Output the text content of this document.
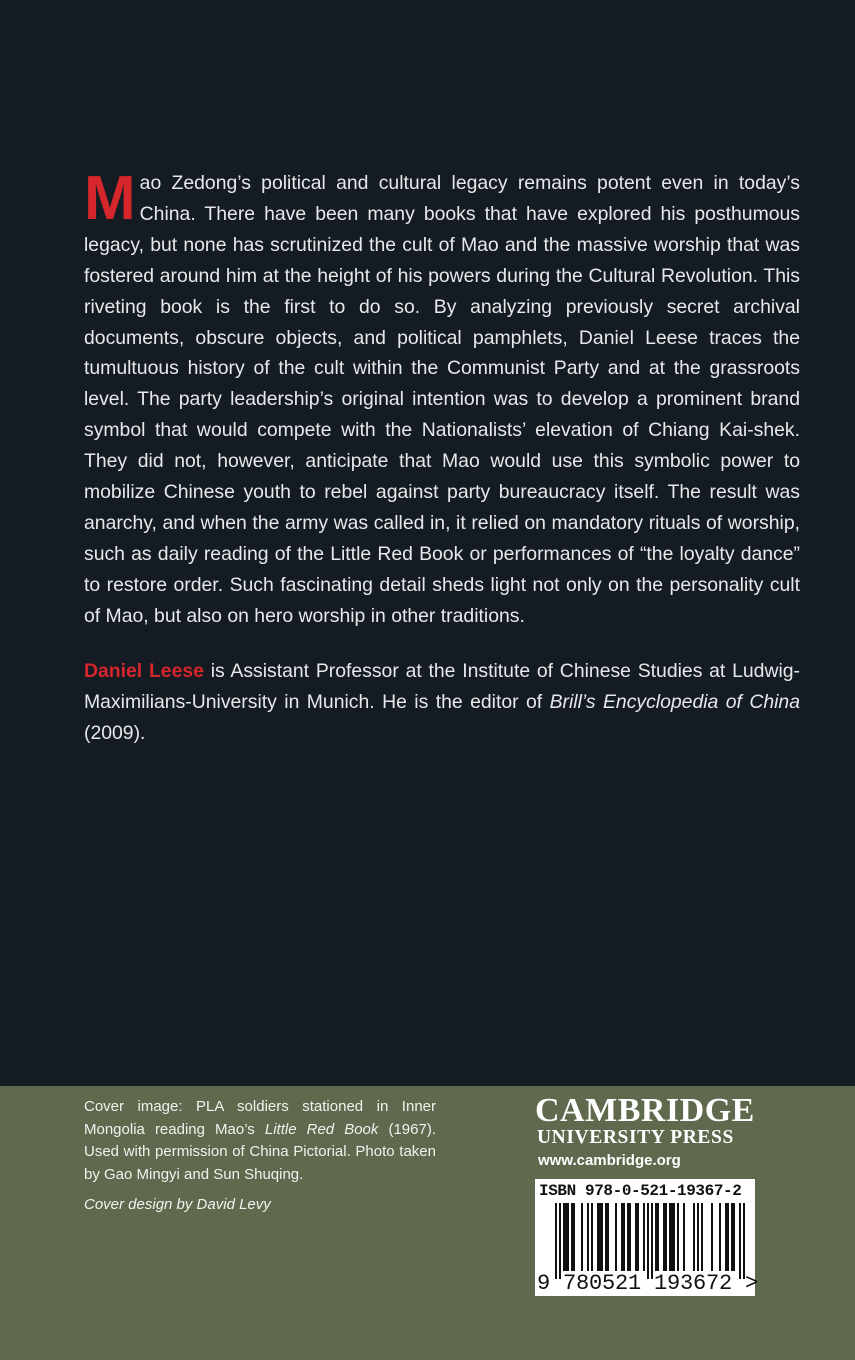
Mao Zedong’s political and cultural legacy remains potent even in today’s China. There have been many books that have explored his posthumous legacy, but none has scrutinized the cult of Mao and the massive worship that was fostered around him at the height of his powers during the Cultural Revolution. This riveting book is the first to do so. By analyzing previously secret archival documents, obscure objects, and political pamphlets, Daniel Leese traces the tumultuous history of the cult within the Communist Party and at the grassroots level. The party leadership’s original intention was to develop a prominent brand symbol that would compete with the Nationalists’ elevation of Chiang Kai-shek. They did not, however, anticipate that Mao would use this symbolic power to mobilize Chinese youth to rebel against party bureaucracy itself. The result was anarchy, and when the army was called in, it relied on mandatory rituals of worship, such as daily reading of the Little Red Book or performances of “the loyalty dance” to restore order. Such fascinating detail sheds light not only on the personality cult of Mao, but also on hero worship in other traditions.

Daniel Leese is Assistant Professor at the Institute of Chinese Studies at Ludwig-Maximilians-University in Munich. He is the editor of Brill’s Encyclopedia of China (2009).

Cover image: PLA soldiers stationed in Inner Mongolia reading Mao’s Little Red Book (1967). Used with permission of China Pictorial. Photo taken by Gao Mingyi and Sun Shuqing.

Cover design by David Levy

CAMBRIDGE

UNIVERSITY PRESS

www.cambridge.org

ISBN 978-0-521-19367-2
9 780521 193672 >
